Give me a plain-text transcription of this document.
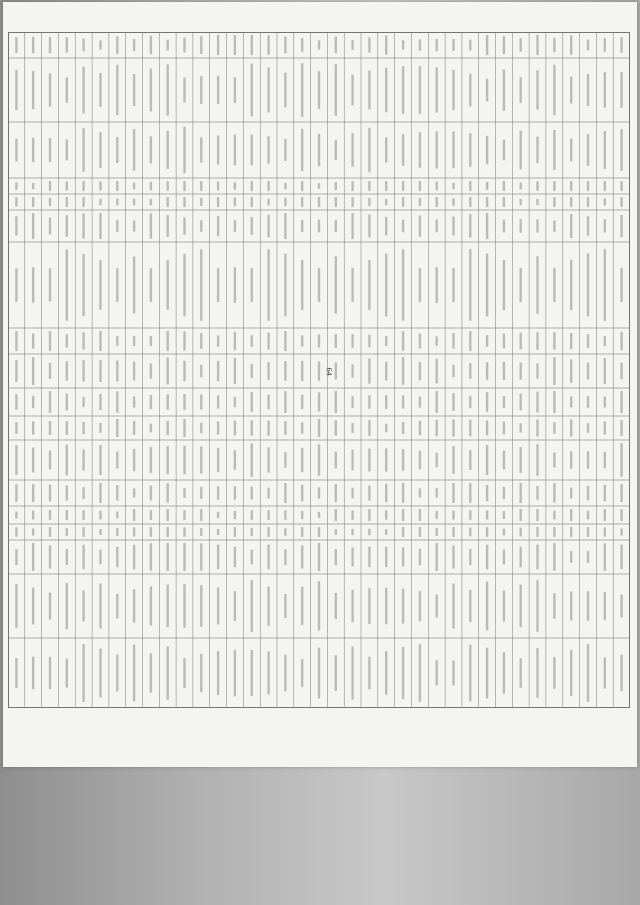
64
